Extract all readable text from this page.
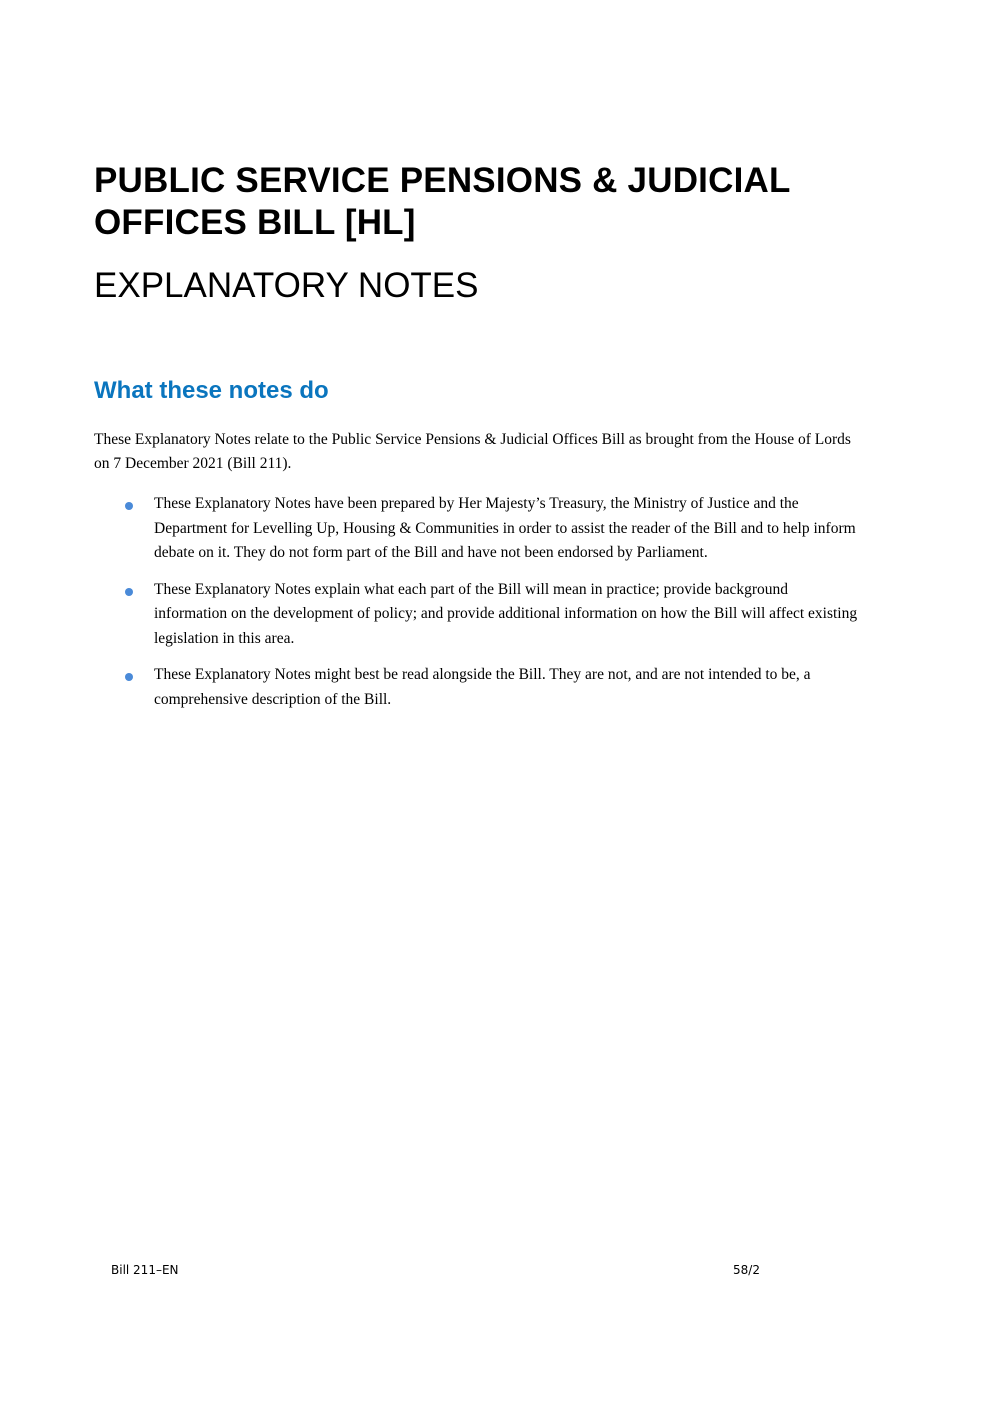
PUBLIC SERVICE PENSIONS & JUDICIAL OFFICES BILL [HL]
EXPLANATORY NOTES
What these notes do

These Explanatory Notes relate to the Public Service Pensions & Judicial Offices Bill as brought from the House of Lords on 7 December 2021 (Bill 211).

These Explanatory Notes have been prepared by Her Majesty’s Treasury, the Ministry of Justice and the Department for Levelling Up, Housing & Communities in order to assist the reader of the Bill and to help inform debate on it. They do not form part of the Bill and have not been endorsed by Parliament.
These Explanatory Notes explain what each part of the Bill will mean in practice; provide background information on the development of policy; and provide additional information on how the Bill will affect existing legislation in this area.
These Explanatory Notes might best be read alongside the Bill. They are not, and are not intended to be, a comprehensive description of the Bill.
Bill 211–EN	58/2
